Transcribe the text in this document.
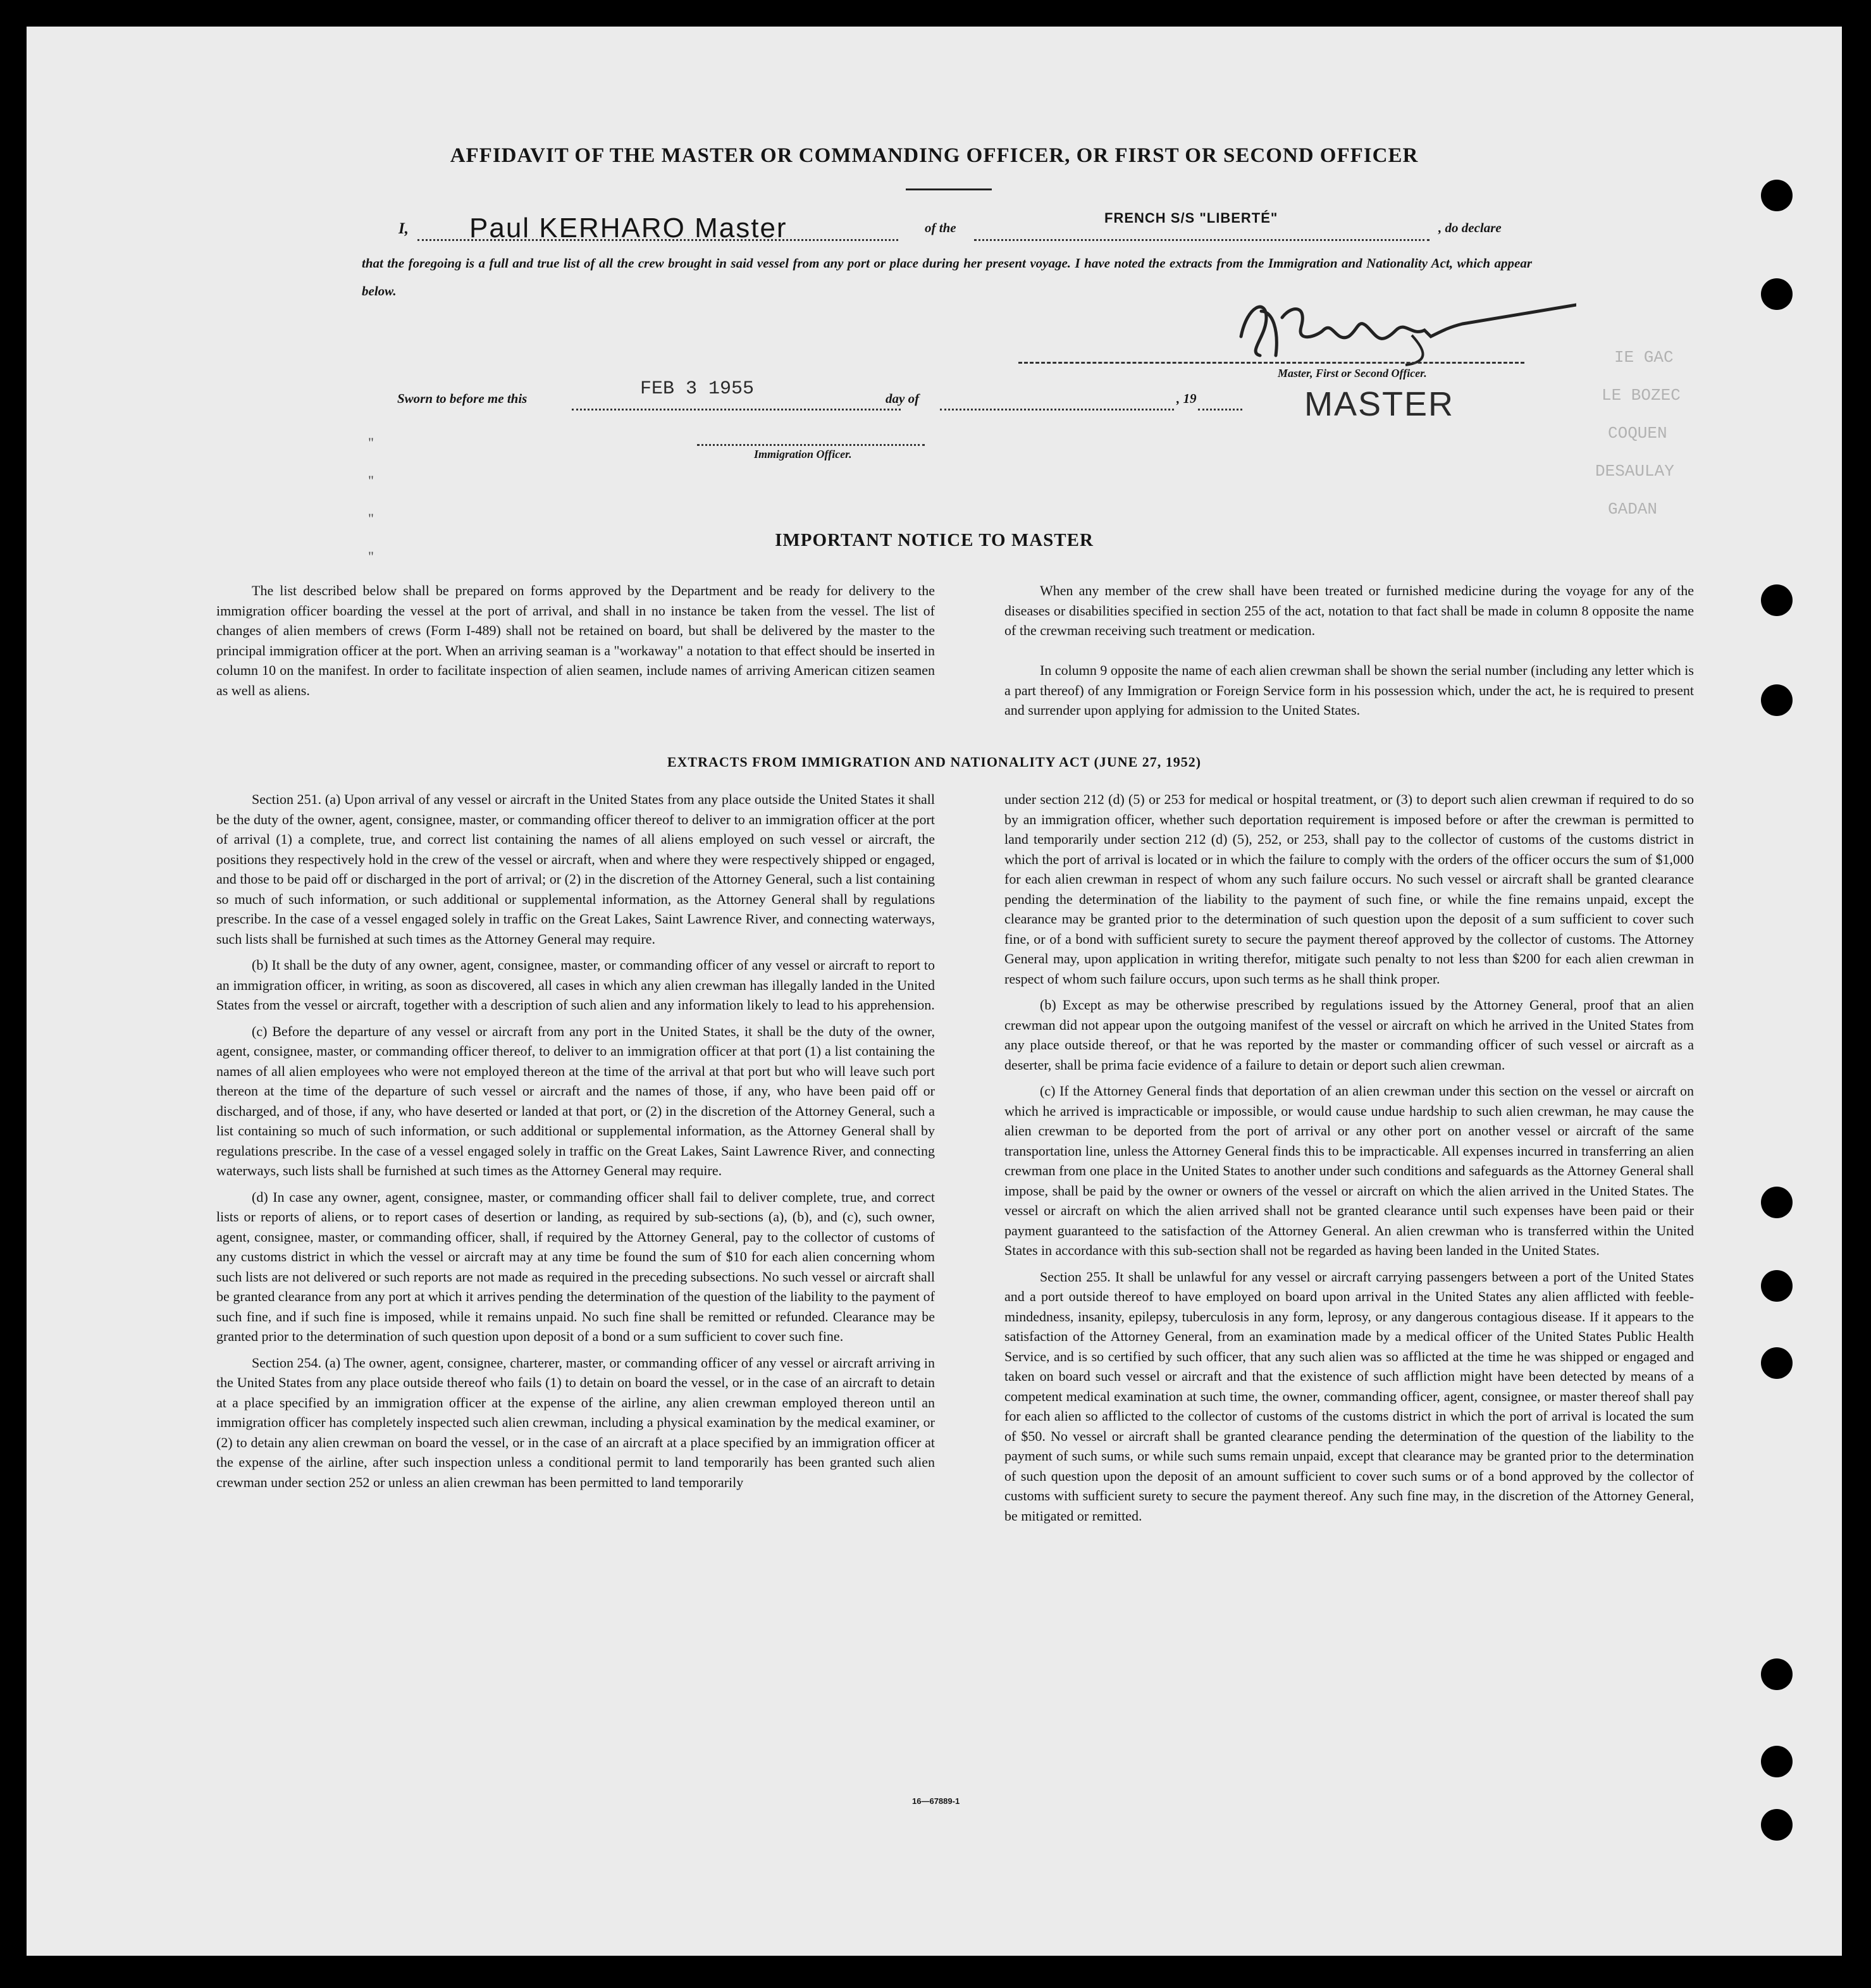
IE GAC
LE BOZEC
COQUEN
DESAULAY
GADAN
AFFIDAVIT OF THE MASTER OR COMMANDING OFFICER, OR FIRST OR SECOND OFFICER
I, Paul KERHARO Master	of the
FRENCH S/S "LIBERTÉ"
, do declare
that the foregoing is a full and true list of all the crew brought in said vessel from any port or place during her present voyage. I have noted the extracts from the Immigration and Nationality Act, which appear below.
Master, First or Second Officer.
MASTER
Sworn to before me this	FEB 3 1955	day of	, 19
Immigration Officer.
"
"
"
"
IMPORTANT NOTICE TO MASTER
The list described below shall be prepared on forms approved by the Department and be ready for delivery to the immigration officer boarding the vessel at the port of arrival, and shall in no instance be taken from the vessel. The list of changes of alien members of crews (Form I-489) shall not be retained on board, but shall be delivered by the master to the principal immigration officer at the port. When an arriving seaman is a "workaway" a notation to that effect should be inserted in column 10 on the manifest. In order to facilitate inspection of alien seamen, include names of arriving American citizen seamen as well as aliens.
When any member of the crew shall have been treated or furnished medicine during the voyage for any of the diseases or disabilities specified in section 255 of the act, notation to that fact shall be made in column 8 opposite the name of the crewman receiving such treatment or medication.
In column 9 opposite the name of each alien crewman shall be shown the serial number (including any letter which is a part thereof) of any Immigration or Foreign Service form in his possession which, under the act, he is required to present and surrender upon applying for admission to the United States.
EXTRACTS FROM IMMIGRATION AND NATIONALITY ACT (JUNE 27, 1952)
Section 251. (a) Upon arrival of any vessel or aircraft in the United States from any place outside the United States it shall be the duty of the owner, agent, consignee, master, or commanding officer thereof to deliver to an immigration officer at the port of arrival (1) a complete, true, and correct list containing the names of all aliens employed on such vessel or aircraft, the positions they respectively hold in the crew of the vessel or aircraft, when and where they were respectively shipped or engaged, and those to be paid off or discharged in the port of arrival; or (2) in the discretion of the Attorney General, such a list containing so much of such information, or such additional or supplemental information, as the Attorney General shall by regulations prescribe. In the case of a vessel engaged solely in traffic on the Great Lakes, Saint Lawrence River, and connecting waterways, such lists shall be furnished at such times as the Attorney General may require.
(b) It shall be the duty of any owner, agent, consignee, master, or commanding officer of any vessel or aircraft to report to an immigration officer, in writing, as soon as discovered, all cases in which any alien crewman has illegally landed in the United States from the vessel or aircraft, together with a description of such alien and any information likely to lead to his apprehension.
(c) Before the departure of any vessel or aircraft from any port in the United States, it shall be the duty of the owner, agent, consignee, master, or commanding officer thereof, to deliver to an immigration officer at that port (1) a list containing the names of all alien employees who were not employed thereon at the time of the arrival at that port but who will leave such port thereon at the time of the departure of such vessel or aircraft and the names of those, if any, who have been paid off or discharged, and of those, if any, who have deserted or landed at that port, or (2) in the discretion of the Attorney General, such a list containing so much of such information, or such additional or supplemental information, as the Attorney General shall by regulations prescribe. In the case of a vessel engaged solely in traffic on the Great Lakes, Saint Lawrence River, and connecting waterways, such lists shall be furnished at such times as the Attorney General may require.
(d) In case any owner, agent, consignee, master, or commanding officer shall fail to deliver complete, true, and correct lists or reports of aliens, or to report cases of desertion or landing, as required by sub-sections (a), (b), and (c), such owner, agent, consignee, master, or commanding officer, shall, if required by the Attorney General, pay to the collector of customs of any customs district in which the vessel or aircraft may at any time be found the sum of $10 for each alien concerning whom such lists are not delivered or such reports are not made as required in the preceding subsections. No such vessel or aircraft shall be granted clearance from any port at which it arrives pending the determination of the question of the liability to the payment of such fine, and if such fine is imposed, while it remains unpaid. No such fine shall be remitted or refunded. Clearance may be granted prior to the determination of such question upon deposit of a bond or a sum sufficient to cover such fine.
Section 254. (a) The owner, agent, consignee, charterer, master, or commanding officer of any vessel or aircraft arriving in the United States from any place outside thereof who fails (1) to detain on board the vessel, or in the case of an aircraft to detain at a place specified by an immigration officer at the expense of the airline, any alien crewman employed thereon until an immigration officer has completely inspected such alien crewman, including a physical examination by the medical examiner, or (2) to detain any alien crewman on board the vessel, or in the case of an aircraft at a place specified by an immigration officer at the expense of the airline, after such inspection unless a conditional permit to land temporarily has been granted such alien crewman under section 252 or unless an alien crewman has been permitted to land temporarily
under section 212 (d) (5) or 253 for medical or hospital treatment, or (3) to deport such alien crewman if required to do so by an immigration officer, whether such deportation requirement is imposed before or after the crewman is permitted to land temporarily under section 212 (d) (5), 252, or 253, shall pay to the collector of customs of the customs district in which the port of arrival is located or in which the failure to comply with the orders of the officer occurs the sum of $1,000 for each alien crewman in respect of whom any such failure occurs. No such vessel or aircraft shall be granted clearance pending the determination of the liability to the payment of such fine, or while the fine remains unpaid, except the clearance may be granted prior to the determination of such question upon the deposit of a sum sufficient to cover such fine, or of a bond with sufficient surety to secure the payment thereof approved by the collector of customs. The Attorney General may, upon application in writing therefor, mitigate such penalty to not less than $200 for each alien crewman in respect of whom such failure occurs, upon such terms as he shall think proper.
(b) Except as may be otherwise prescribed by regulations issued by the Attorney General, proof that an alien crewman did not appear upon the outgoing manifest of the vessel or aircraft on which he arrived in the United States from any place outside thereof, or that he was reported by the master or commanding officer of such vessel or aircraft as a deserter, shall be prima facie evidence of a failure to detain or deport such alien crewman.
(c) If the Attorney General finds that deportation of an alien crewman under this section on the vessel or aircraft on which he arrived is impracticable or impossible, or would cause undue hardship to such alien crewman, he may cause the alien crewman to be deported from the port of arrival or any other port on another vessel or aircraft of the same transportation line, unless the Attorney General finds this to be impracticable. All expenses incurred in transferring an alien crewman from one place in the United States to another under such conditions and safeguards as the Attorney General shall impose, shall be paid by the owner or owners of the vessel or aircraft on which the alien arrived in the United States. The vessel or aircraft on which the alien arrived shall not be granted clearance until such expenses have been paid or their payment guaranteed to the satisfaction of the Attorney General. An alien crewman who is transferred within the United States in accordance with this sub-section shall not be regarded as having been landed in the United States.
Section 255. It shall be unlawful for any vessel or aircraft carrying passengers between a port of the United States and a port outside thereof to have employed on board upon arrival in the United States any alien afflicted with feeble-mindedness, insanity, epilepsy, tuberculosis in any form, leprosy, or any dangerous contagious disease. If it appears to the satisfaction of the Attorney General, from an examination made by a medical officer of the United States Public Health Service, and is so certified by such officer, that any such alien was so afflicted at the time he was shipped or engaged and taken on board such vessel or aircraft and that the existence of such affliction might have been detected by means of a competent medical examination at such time, the owner, commanding officer, agent, consignee, or master thereof shall pay for each alien so afflicted to the collector of customs of the customs district in which the port of arrival is located the sum of $50. No vessel or aircraft shall be granted clearance pending the determination of the question of the liability to the payment of such sums, or while such sums remain unpaid, except that clearance may be granted prior to the determination of such question upon the deposit of an amount sufficient to cover such sums or of a bond approved by the collector of customs with sufficient surety to secure the payment thereof. Any such fine may, in the discretion of the Attorney General, be mitigated or remitted.
16—67889-1
